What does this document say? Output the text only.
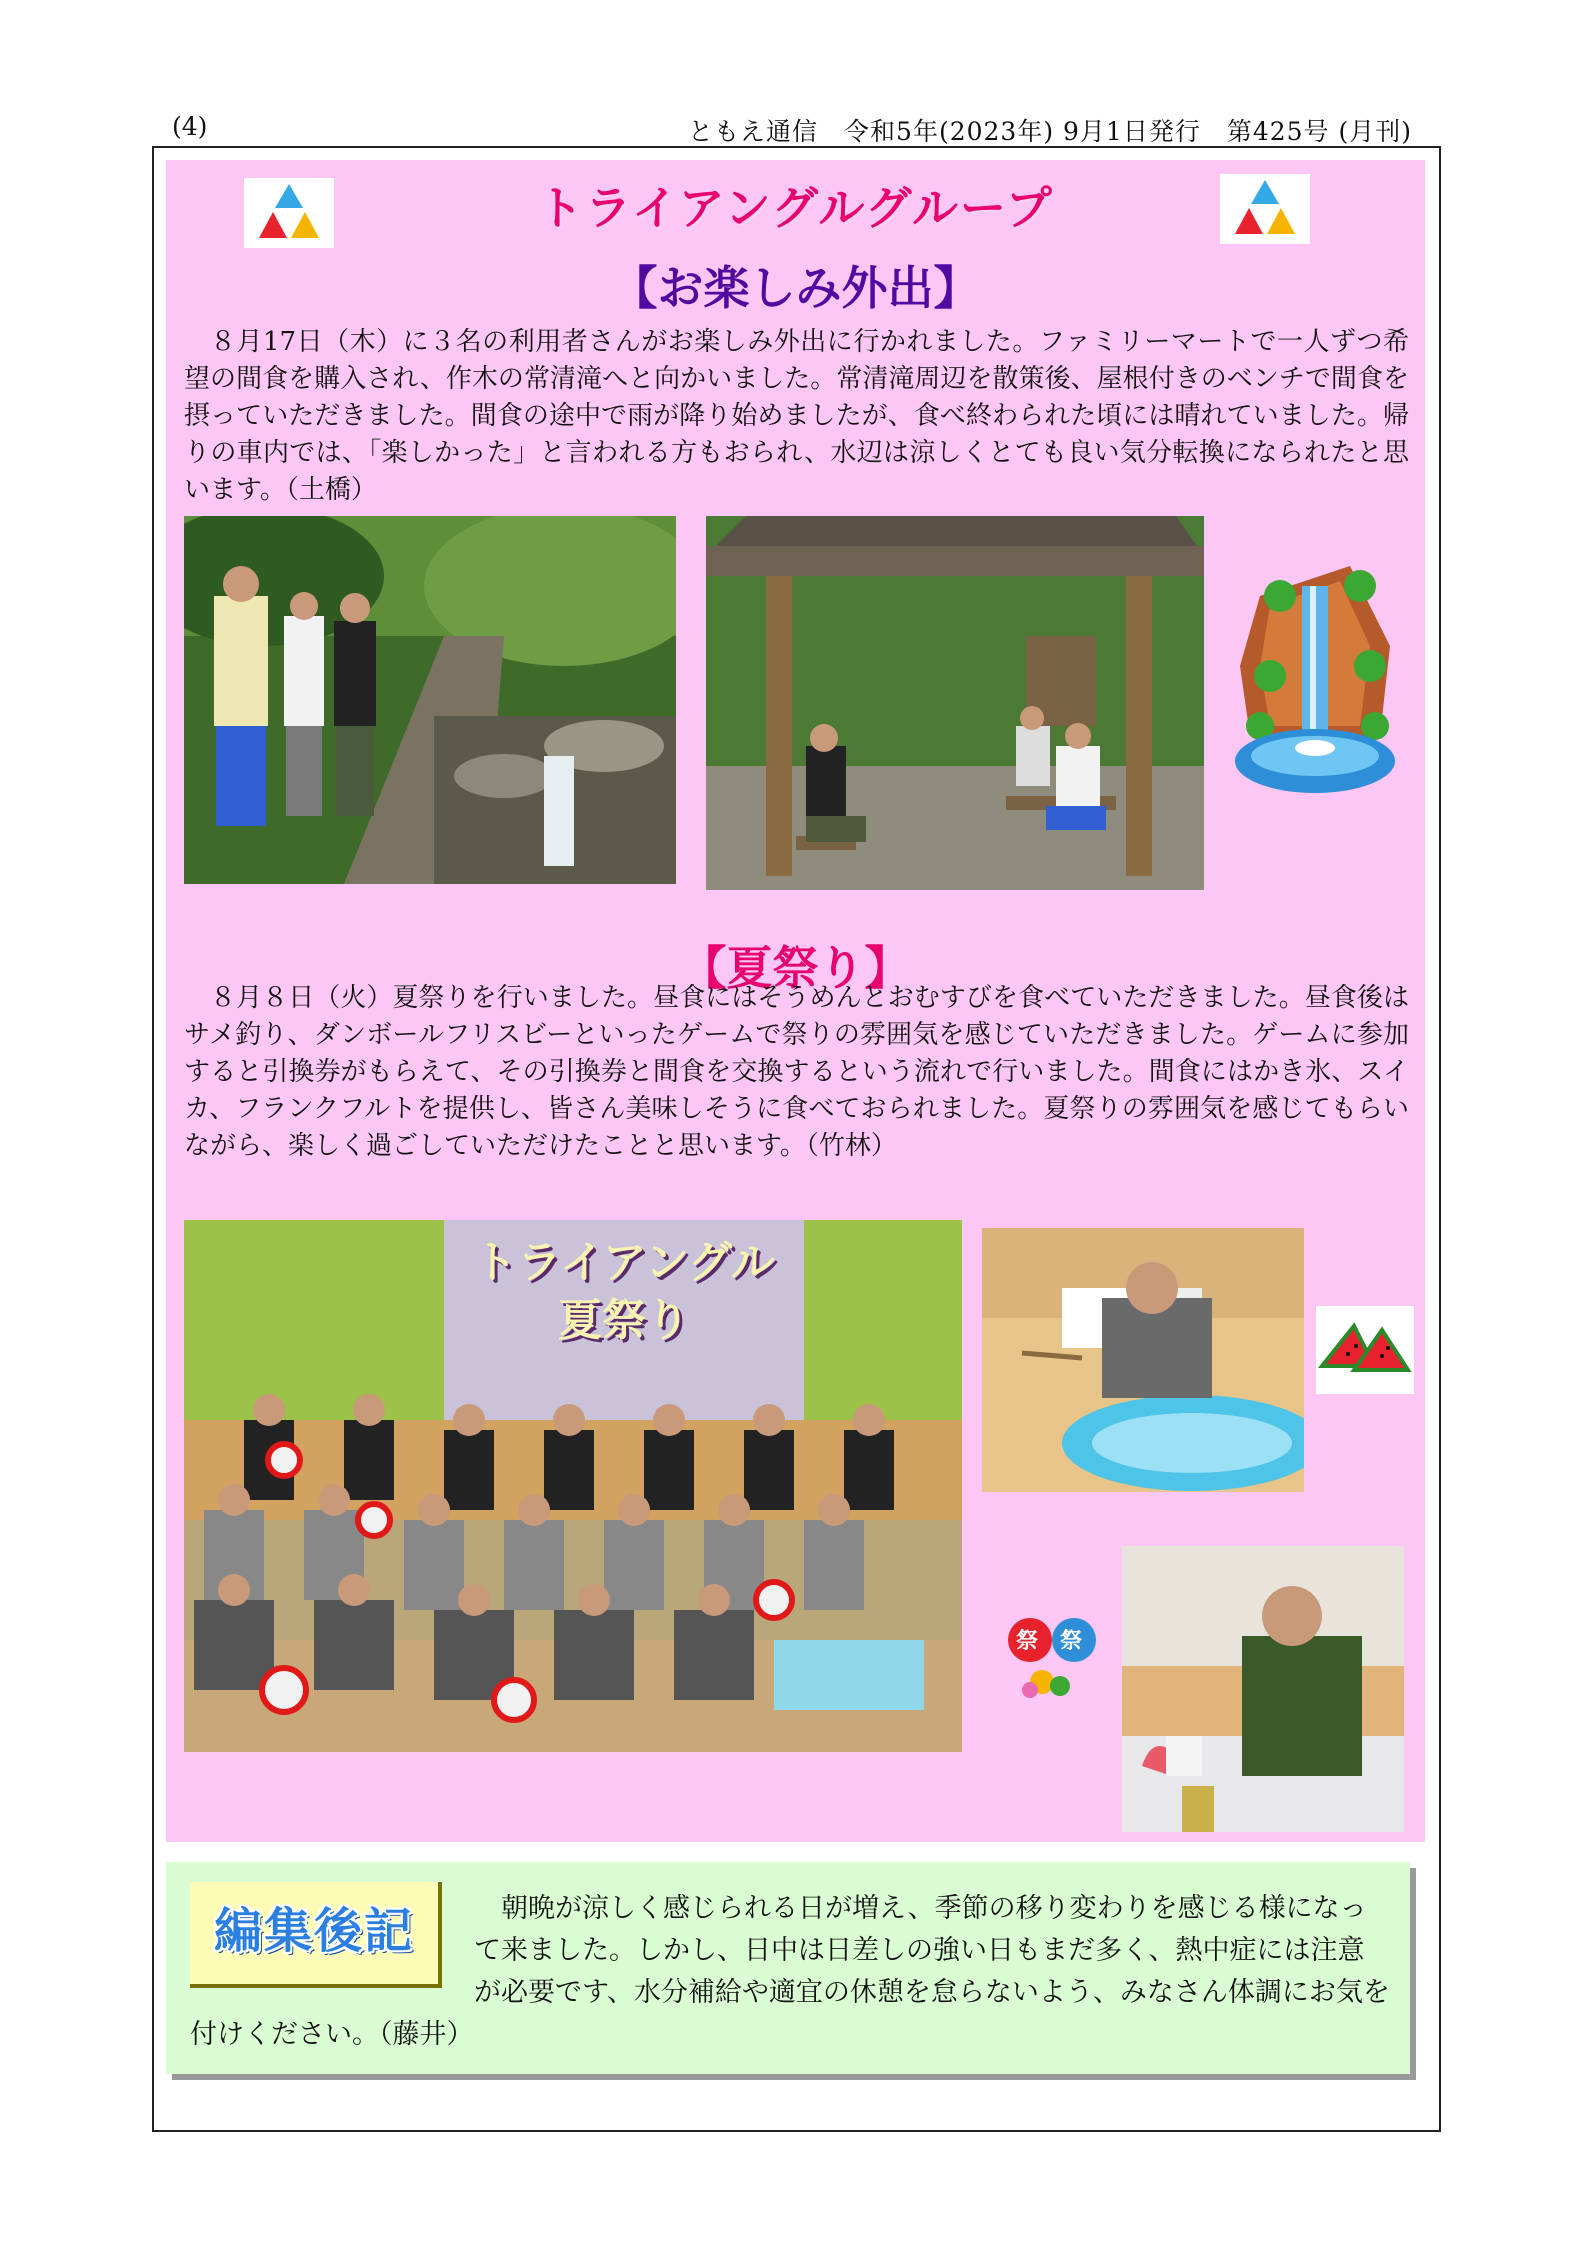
(4)	ともえ通信　令和5年(2023年) 9月1日発行　第425号 (月刊)
トライアングルグループ
【お楽しみ外出】
８月17日（木）に３名の利用者さんがお楽しみ外出に行かれました。ファミリーマートで一人ずつ希望の間食を購入され、作木の常清滝へと向かいました。常清滝周辺を散策後、屋根付きのベンチで間食を摂っていただきました。間食の途中で雨が降り始めましたが、食べ終わられた頃には晴れていました。帰りの車内では、「楽しかった」と言われる方もおられ、水辺は涼しくとても良い気分転換になられたと思います。（土橋）
【夏祭り】
８月８日（火）夏祭りを行いました。昼食にはそうめんとおむすびを食べていただきました。昼食後はサメ釣り、ダンボールフリスビーといったゲームで祭りの雰囲気を感じていただきました。ゲームに参加すると引換券がもらえて、その引換券と間食を交換するという流れで行いました。間食にはかき氷、スイカ、フランクフルトを提供し、皆さん美味しそうに食べておられました。夏祭りの雰囲気を感じてもらいながら、楽しく過ごしていただけたことと思います。（竹林）
トライアングル
夏祭り
祭 祭
朝晩が涼しく感じられる日が増え、季節の移り変わりを感じる様になって来ました。しかし、日中は日差しの強い日もまだ多く、熱中症には注意が必要です、水分補給や適宜の休憩を怠らないよう、みなさん体調にお気を付けください。（藤井）
編集後記
